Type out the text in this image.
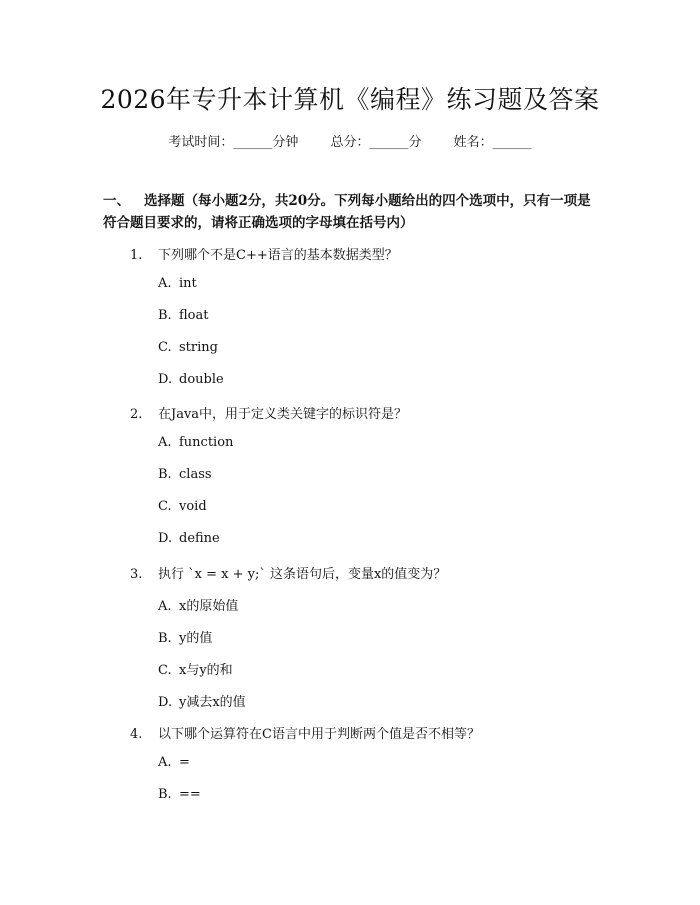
2026年专升本计算机《编程》练习题及答案
考试时间：______分钟 总分：______分 姓名：______
一、 选择题（每小题2分，共20分。下列每小题给出的四个选项中，只有一项是符合题目要求的，请将正确选项的字母填在括号内）
1. 下列哪个不是C++语言的基本数据类型？
A. int
B. float
C. string
D. double
2. 在Java中，用于定义类关键字的标识符是？
A. function
B. class
C. void
D. define
3. 执行 `x = x + y;` 这条语句后，变量x的值变为？
A. x的原始值
B. y的值
C. x与y的和
D. y减去x的值
4. 以下哪个运算符在C语言中用于判断两个值是否不相等？
A. =
B. ==
